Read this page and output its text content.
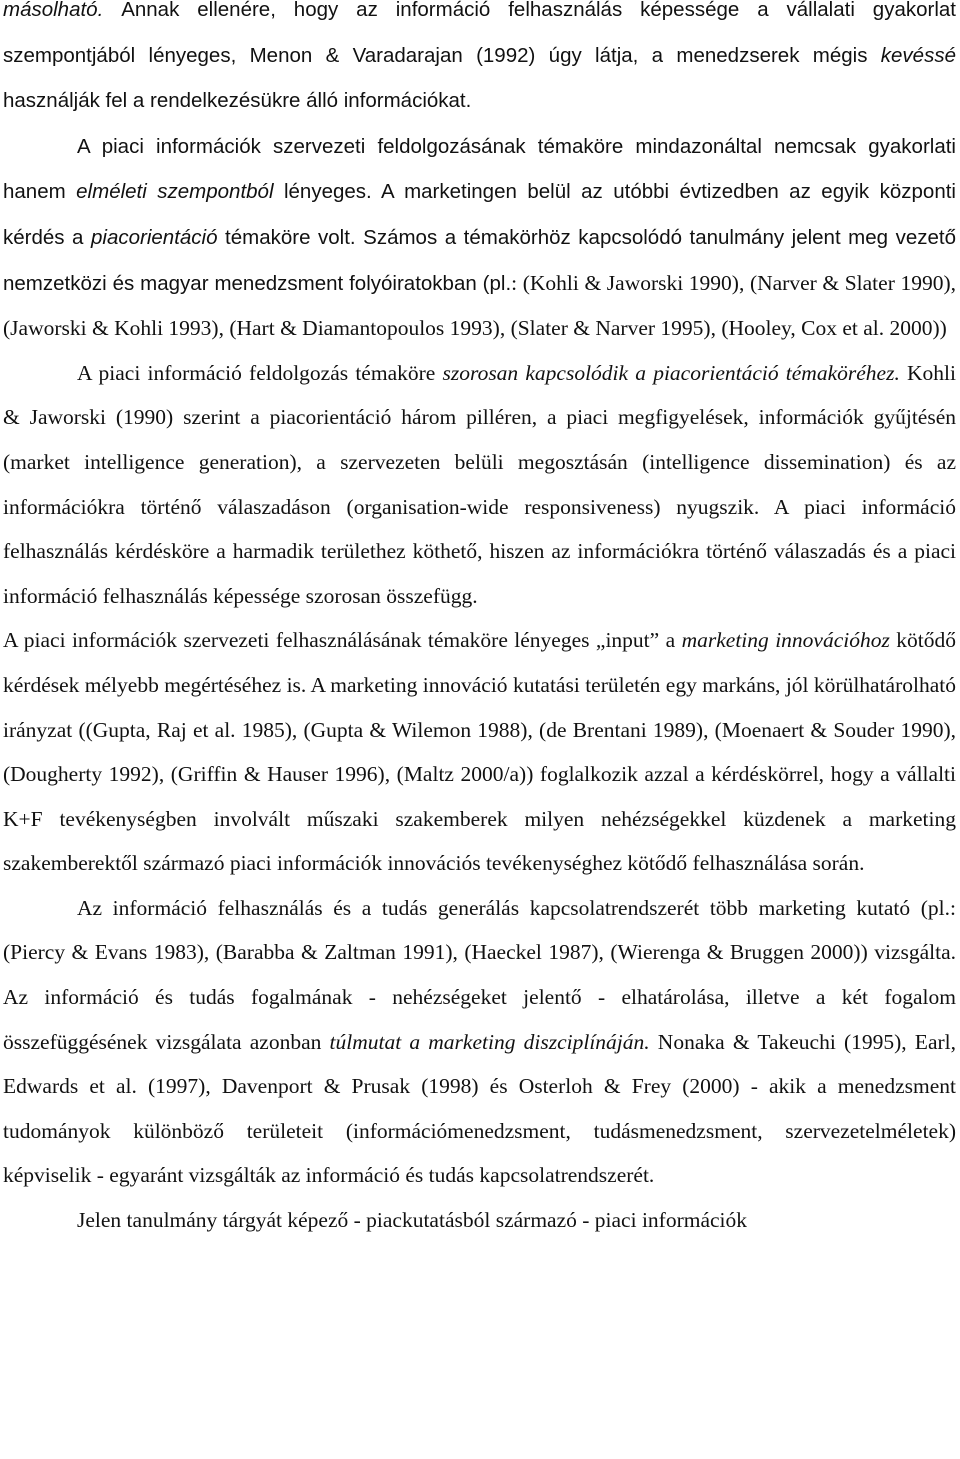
másolható. Annak ellenére, hogy az információ felhasználás képessége a vállalati gyakorlat szempontjából lényeges, Menon & Varadarajan (1992) úgy látja, a menedzserek mégis kevéssé használják fel a rendelkezésükre álló információkat.

A piaci információk szervezeti feldolgozásának témaköre mindazonáltal nemcsak gyakorlati hanem elméleti szempontból lényeges. A marketingen belül az utóbbi évtizedben az egyik központi kérdés a piacorientáció témaköre volt. Számos a témakörhöz kapcsolódó tanulmány jelent meg vezető nemzetközi és magyar menedzsment folyóiratokban (pl.: (Kohli & Jaworski 1990), (Narver & Slater 1990), (Jaworski & Kohli 1993), (Hart & Diamantopoulos 1993), (Slater & Narver 1995), (Hooley, Cox et al. 2000))

A piaci információ feldolgozás témaköre szorosan kapcsolódik a piacorientáció témaköréhez. Kohli & Jaworski (1990) szerint a piacorientáció három pilléren, a piaci megfigyelések, információk gyűjtésén (market intelligence generation), a szervezeten belüli megosztásán (intelligence dissemination) és az információkra történő válaszadáson (organisation-wide responsiveness) nyugszik. A piaci információ felhasználás kérdésköre a harmadik területhez köthető, hiszen az információkra történő válaszadás és a piaci információ felhasználás képessége szorosan összefügg.

A piaci információk szervezeti felhasználásának témaköre lényeges „input” a marketing innovációhoz kötődő kérdések mélyebb megértéséhez is. A marketing innováció kutatási területén egy markáns, jól körülhatárolható irányzat ((Gupta, Raj et al. 1985), (Gupta & Wilemon 1988), (de Brentani 1989), (Moenaert & Souder 1990), (Dougherty 1992), (Griffin & Hauser 1996), (Maltz 2000/a)) foglalkozik azzal a kérdéskörrel, hogy a vállalti K+F tevékenységben involvált műszaki szakemberek milyen nehézségekkel küzdenek a marketing szakemberektől származó piaci információk innovációs tevékenységhez kötődő felhasználása során.

Az információ felhasználás és a tudás generálás kapcsolatrendszerét több marketing kutató (pl.: (Piercy & Evans 1983), (Barabba & Zaltman 1991), (Haeckel 1987), (Wierenga & Bruggen 2000)) vizsgálta. Az információ és tudás fogalmának - nehézségeket jelentő - elhatárolása, illetve a két fogalom összefüggésének vizsgálata azonban túlmutat a marketing diszciplínáján. Nonaka & Takeuchi (1995), Earl, Edwards et al. (1997), Davenport & Prusak (1998) és Osterloh & Frey (2000) - akik a menedzsment tudományok különböző területeit (információmenedzsment, tudásmenedzsment, szervezetelméletek) képviselik - egyaránt vizsgálták az információ és tudás kapcsolatrendszerét.

Jelen tanulmány tárgyát képező - piackutatásból származó - piaci információk
